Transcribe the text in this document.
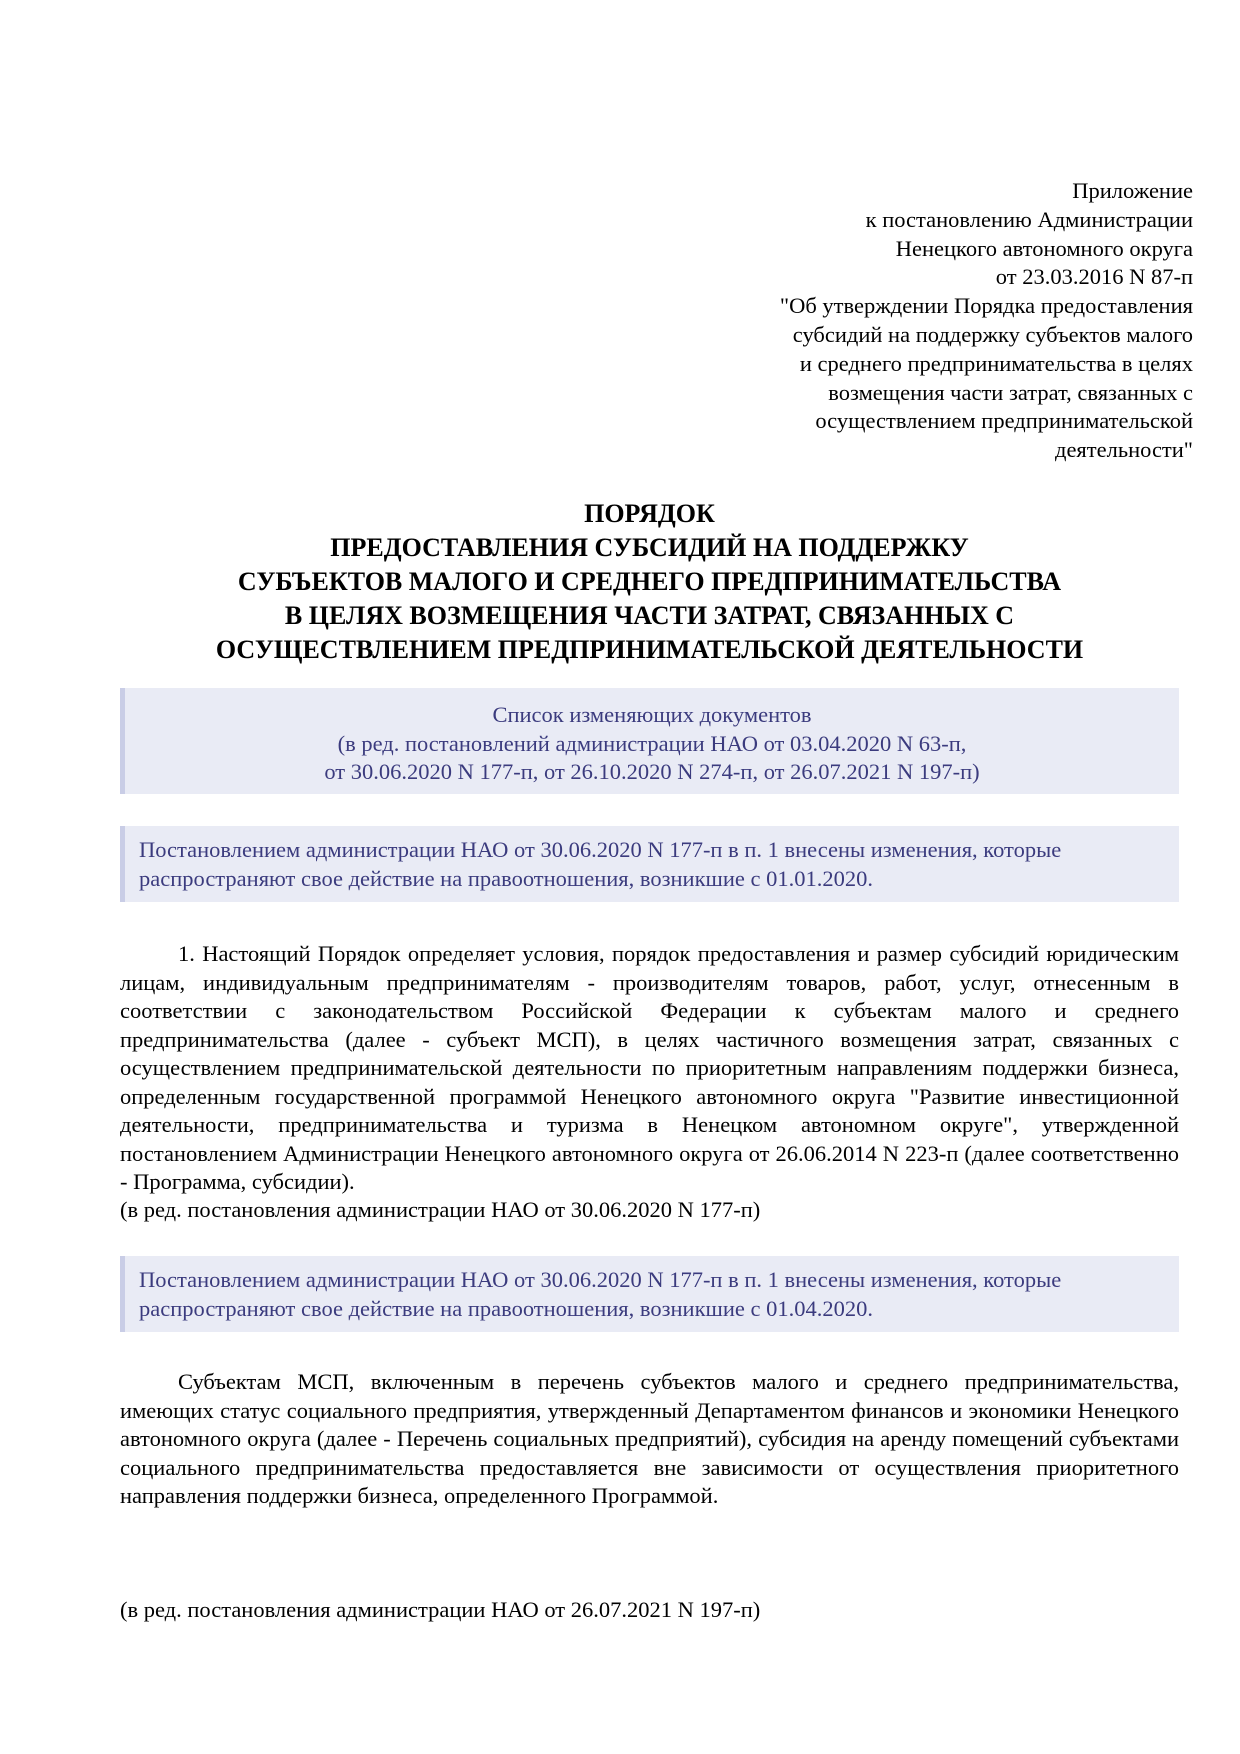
Приложение
к постановлению Администрации
Ненецкого автономного округа
от 23.03.2016 N 87-п
"Об утверждении Порядка предоставления
субсидий на поддержку субъектов малого
и среднего предпринимательства в целях
возмещения части затрат, связанных с
осуществлением предпринимательской
деятельности"
ПОРЯДОК
ПРЕДОСТАВЛЕНИЯ СУБСИДИЙ НА ПОДДЕРЖКУ
СУБЪЕКТОВ МАЛОГО И СРЕДНЕГО ПРЕДПРИНИМАТЕЛЬСТВА
В ЦЕЛЯХ ВОЗМЕЩЕНИЯ ЧАСТИ ЗАТРАТ, СВЯЗАННЫХ С
ОСУЩЕСТВЛЕНИЕМ ПРЕДПРИНИМАТЕЛЬСКОЙ ДЕЯТЕЛЬНОСТИ
Список изменяющих документов
(в ред. постановлений администрации НАО от 03.04.2020 N 63-п,
от 30.06.2020 N 177-п, от 26.10.2020 N 274-п, от 26.07.2021 N 197-п)
Постановлением администрации НАО от 30.06.2020 N 177-п в п. 1 внесены изменения, которые
распространяют свое действие на правоотношения, возникшие с 01.01.2020.
1. Настоящий Порядок определяет условия, порядок предоставления и размер субсидий юридическим лицам, индивидуальным предпринимателям - производителям товаров, работ, услуг, отнесенным в соответствии с законодательством Российской Федерации к субъектам малого и среднего предпринимательства (далее - субъект МСП), в целях частичного возмещения затрат, связанных с осуществлением предпринимательской деятельности по приоритетным направлениям поддержки бизнеса, определенным государственной программой Ненецкого автономного округа "Развитие инвестиционной деятельности, предпринимательства и туризма в Ненецком автономном округе", утвержденной постановлением Администрации Ненецкого автономного округа от 26.06.2014 N 223-п (далее соответственно - Программа, субсидии).
(в ред. постановления администрации НАО от 30.06.2020 N 177-п)
Постановлением администрации НАО от 30.06.2020 N 177-п в п. 1 внесены изменения, которые
распространяют свое действие на правоотношения, возникшие с 01.04.2020.
Субъектам МСП, включенным в перечень субъектов малого и среднего предпринимательства, имеющих статус социального предприятия, утвержденный Департаментом финансов и экономики Ненецкого автономного округа (далее - Перечень социальных предприятий), субсидия на аренду помещений субъектами социального предпринимательства предоставляется вне зависимости от осуществления приоритетного направления поддержки бизнеса, определенного Программой.
(в ред. постановления администрации НАО от 26.07.2021 N 197-п)
